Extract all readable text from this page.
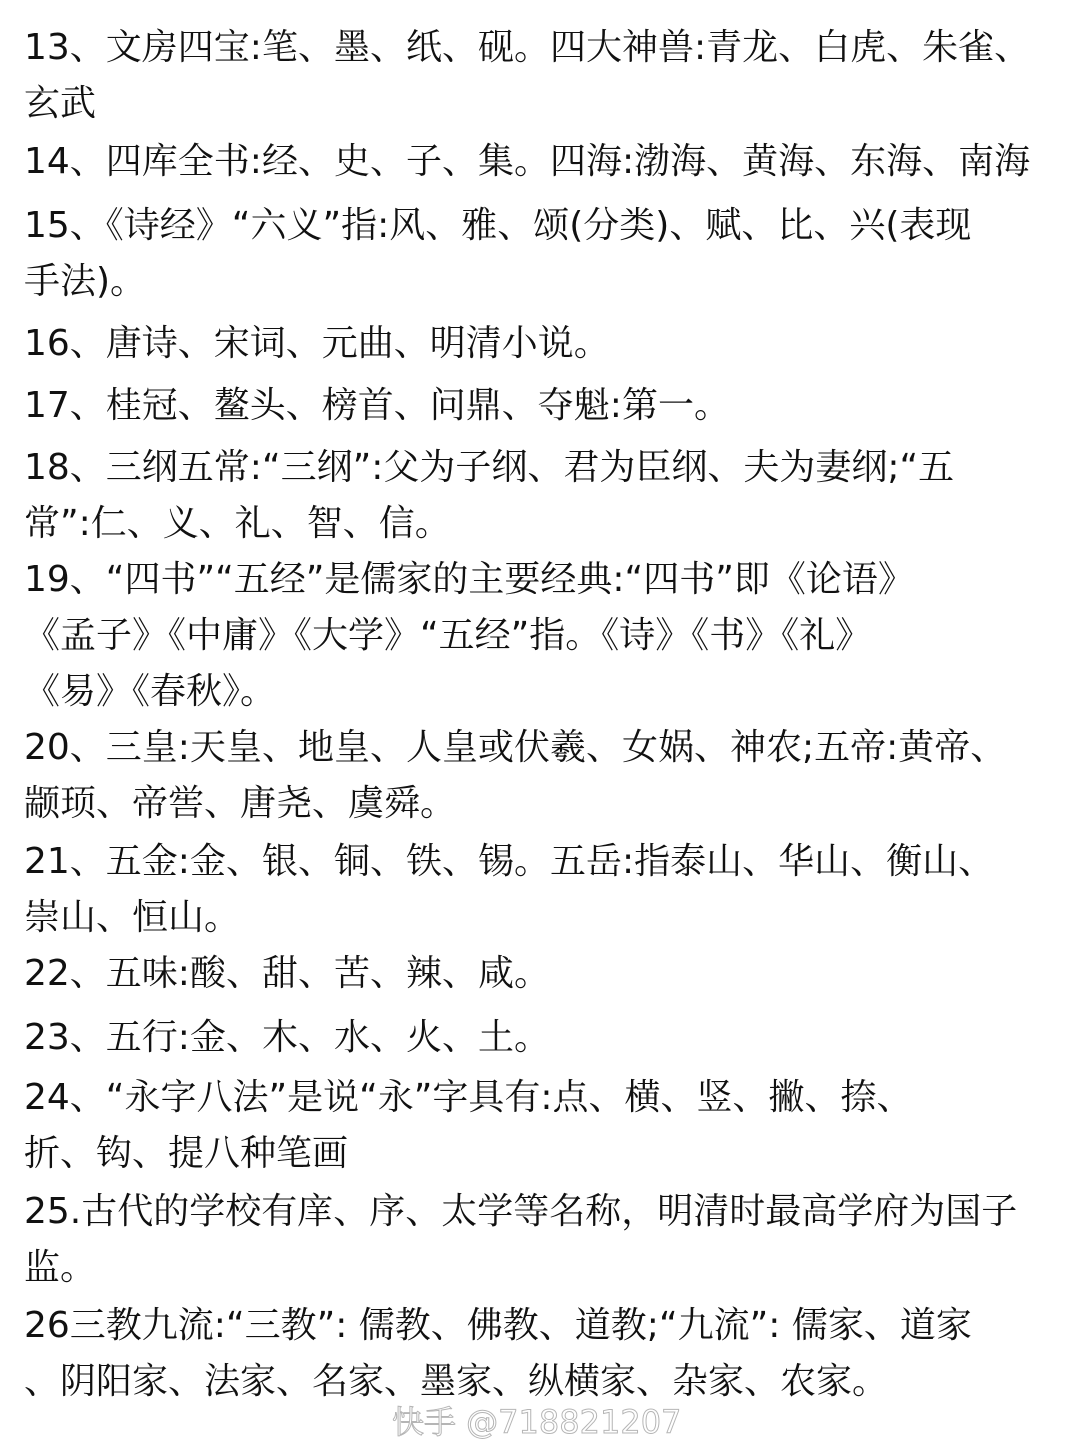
13、文房四宝:笔、墨、纸、砚。四大神兽:青龙、白虎、朱雀、
玄武
14、四库全书:经、史、子、集。四海:渤海、黄海、东海、南海
15、《诗经》“六义”指:风、雅、颂(分类)、赋、比、兴(表现
手法)。
16、唐诗、宋词、元曲、明清小说。
17、桂冠、鳌头、榜首、问鼎、夺魁:第一。
18、三纲五常:“三纲”:父为子纲、君为臣纲、夫为妻纲;“五
常”:仁、义、礼、智、信。
19、“四书”“五经”是儒家的主要经典:“四书”即《论语》
《孟子》《中庸》《大学》“五经”指。《诗》《书》《礼》
《易》《春秋》。
20、三皇:天皇、地皇、人皇或伏羲、女娲、神农;五帝:黄帝、
颛顼、帝喾、唐尧、虞舜。
21、五金:金、银、铜、铁、锡。五岳:指泰山、华山、衡山、
崇山、恒山。
22、五味:酸、甜、苦、辣、咸。
23、五行:金、木、水、火、土。
24、“永字八法”是说“永”字具有:点、横、竖、撇、捺、
折、钩、提八种笔画
25.古代的学校有庠、序、太学等名称，明清时最高学府为国子
监。
26三教九流:“三教”: 儒教、佛教、道教;“九流”: 儒家、道家
、阴阳家、法家、名家、墨家、纵横家、杂家、农家。
快手 @718821207
